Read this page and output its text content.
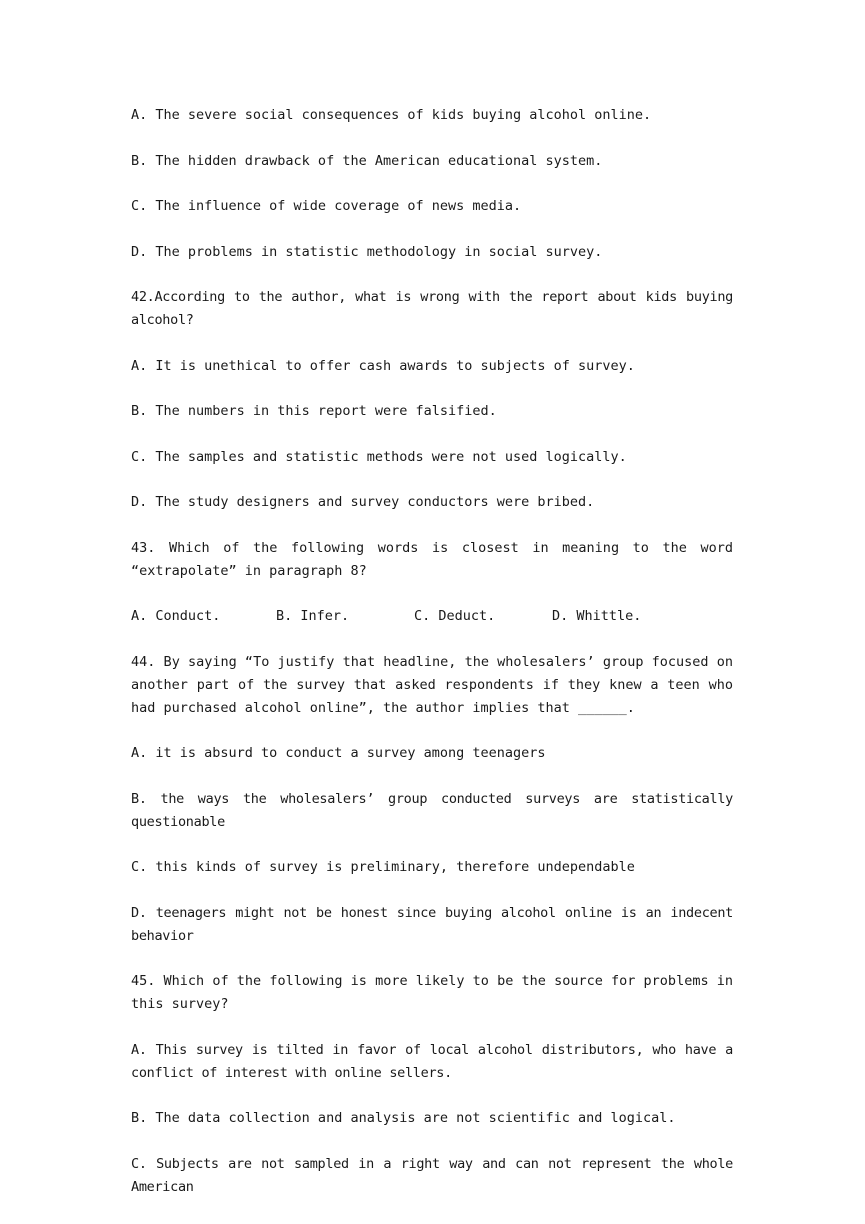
A. The severe social consequences of kids buying alcohol online.

B. The hidden drawback of the American educational system.

C. The influence of wide coverage of news media.

D. The problems in statistic methodology in social survey.

42.According to the author, what is wrong with the report about kids buying alcohol?

A. It is unethical to offer cash awards to subjects of survey.

B. The numbers in this report were falsified.

C. The samples and statistic methods were not used logically.

D. The study designers and survey conductors were bribed.

43. Which of the following words is closest in meaning to the word “extrapolate” in paragraph 8?

A. Conduct.	B. Infer.	C. Deduct.	D. Whittle.

44. By saying “To justify that headline, the wholesalers’ group focused on another part of the survey that asked respondents if they knew a teen who had purchased alcohol online”, the author implies that ______.

A. it is absurd to conduct a survey among teenagers

B. the ways the wholesalers’ group conducted surveys are statistically questionable

C. this kinds of survey is preliminary, therefore undependable

D. teenagers might not be honest since buying alcohol online is an indecent behavior

45. Which of the following is more likely to be the source for problems in this survey?

A. This survey is tilted in favor of local alcohol distributors, who have a conflict of interest with online sellers.

B. The data collection and analysis are not scientific and logical.

C. Subjects are not sampled in a right way and can not represent the whole American
